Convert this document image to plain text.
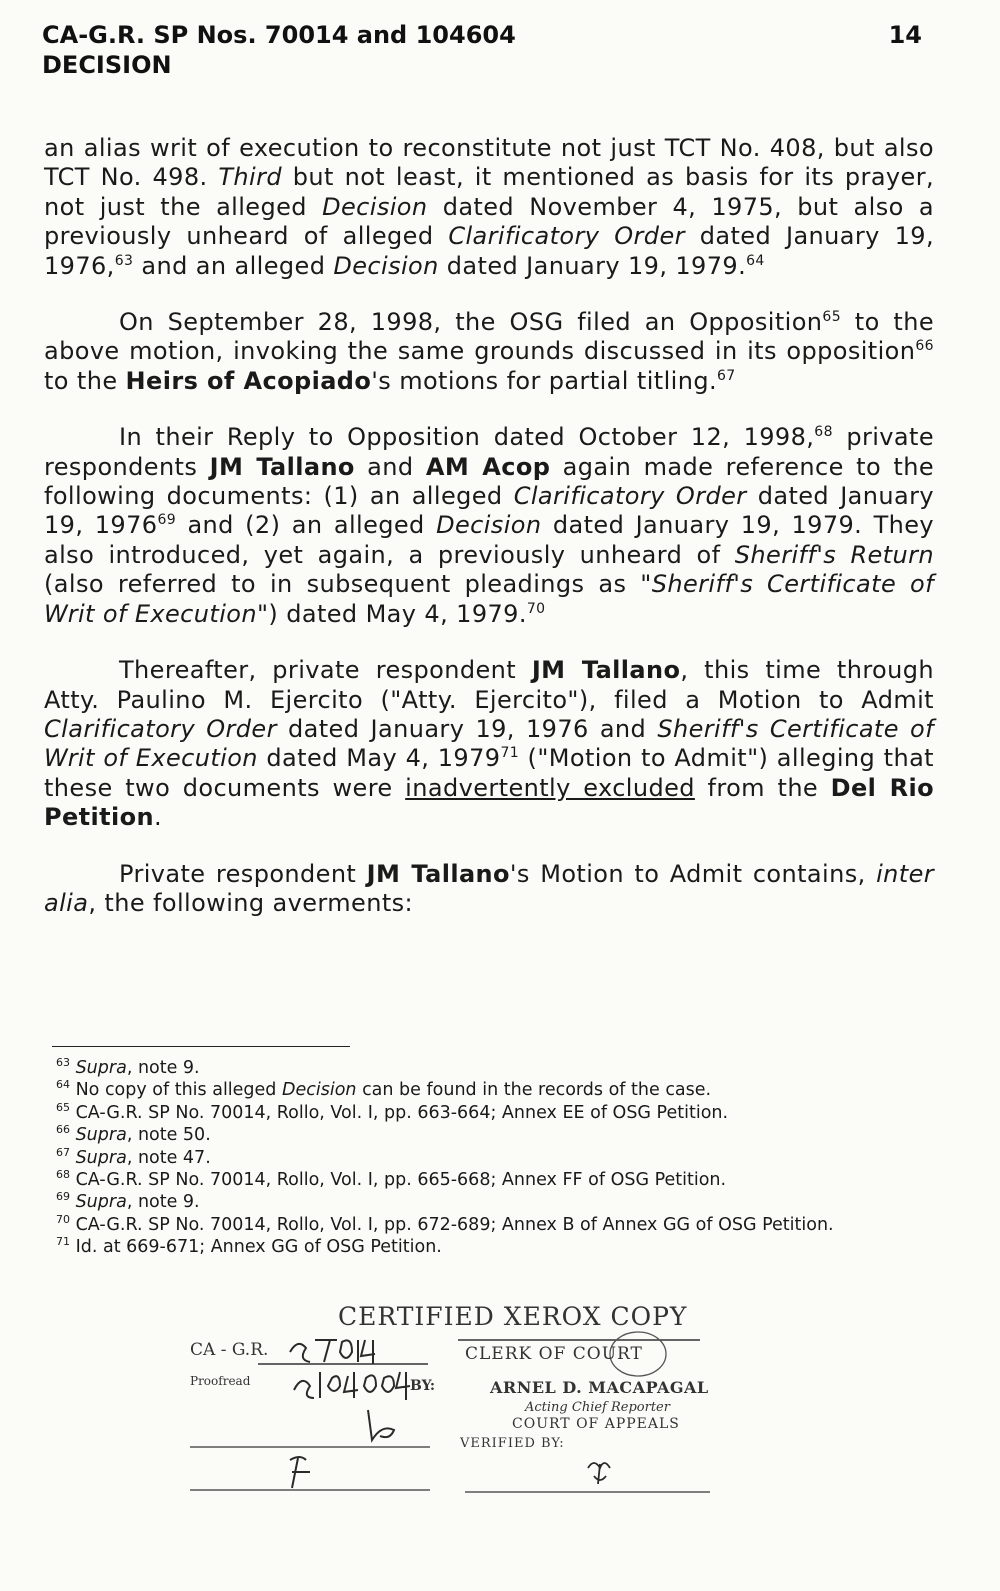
CA-G.R. SP Nos. 70014 and 104604
DECISION
14

an alias writ of execution to reconstitute not just TCT No. 408, but also TCT No. 498. Third but not least, it mentioned as basis for its prayer, not just the alleged Decision dated November 4, 1975, but also a previously unheard of alleged Clarificatory Order dated January 19, 1976,63 and an alleged Decision dated January 19, 1979.64

On September 28, 1998, the OSG filed an Opposition$^{65}$ to the above motion, invoking the same grounds discussed in its opposition$^{66}$ to the Heirs of Acopiado's motions for partial titling.$^{67}$

In their Reply to Opposition dated October 12, 1998,68 private respondents JM Tallano and AM Acop again made reference to the following documents: (1) an alleged Clarificatory Order dated January 19, 1976$^{69}$ and (2) an alleged Decision dated January 19, 1979. They also introduced, yet again, a previously unheard of Sheriff's Return (also referred to in subsequent pleadings as "Sheriff's Certificate of Writ of Execution") dated May 4, 1979.70

Thereafter, private respondent JM Tallano, this time through Atty. Paulino M. Ejercito ("Atty. Ejercito"), filed a Motion to Admit Clarificatory Order dated January 19, 1976 and Sheriff's Certificate of Writ of Execution dated May 4, 1979$^{71}$ ("Motion to Admit") alleging that these two documents were inadvertently excluded from the Del Rio Petition.

Private respondent JM Tallano's Motion to Admit contains, inter alia, the following averments:

$^{63}$ Supra, note 9.

$^{64}$ No copy of this alleged Decision can be found in the records of the case.

$^{65}$ CA-G.R. SP No. 70014, Rollo, Vol. I, pp. 663-664; Annex EE of OSG Petition.

$^{66}$ Supra, note 50.

$^{67}$ Supra, note 47.

$^{68}$ CA-G.R. SP No. 70014, Rollo, Vol. I, pp. 665-668; Annex FF of OSG Petition.

$^{69}$ Supra, note 9.

$^{70}$ CA-G.R. SP No. 70014, Rollo, Vol. I, pp. 672-689; Annex B of Annex GG of OSG Petition.

$^{71}$ Id. at 669-671; Annex GG of OSG Petition.

CERTIFIED XEROX COPY
CA - G.R.	CLERK OF COURT
Proofread	BY:	ARNEL D. MACAPAGAL
Acting Chief Reporter
COURT OF APPEALS
VERIFIED BY:
